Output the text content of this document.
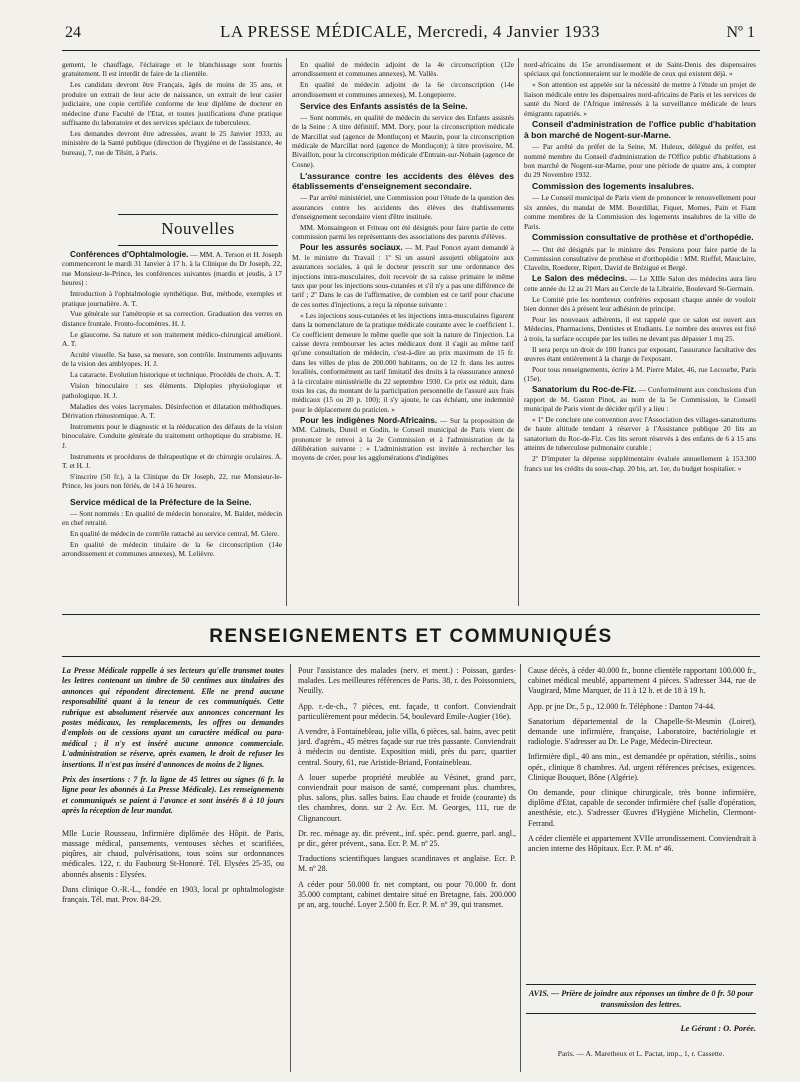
24	LA PRESSE MÉDICALE, Mercredi, 4 Janvier 1933	Nº 1

gement, le chauffage, l'éclairage et le blanchissage sont fournis gratuitement. Il est interdit de faire de la clientèle.

Les candidats devront être Français, âgés de moins de 35 ans, et produire un extrait de leur acte de naissance, un extrait de leur casier judiciaire, une copie certifiée conforme de leur diplôme de docteur en médecine d'une Faculté de l'Etat, et toutes justifications d'une pratique suffisante du laboratoire et des services spéciaux de tuberculeux.

Les demandes devront être adressées, avant le 25 Janvier 1933, au ministère de la Santé publique (direction de l'hygiène et de l'assistance, 4e bureau), 7, rue de Tilsitt, à Paris.

Nouvelles

Conférences d'Ophtalmologie. — MM. A. Terson et H. Joseph commenceront le mardi 31 Janvier à 17 h. à la Clinique du Dr Joseph, 22, rue Monsieur-le-Prince, les conférences suivantes (mardis et jeudis, à 17 heures) :

Introduction à l'ophtalmologie synthétique. But, méthode, exemples et pratique journalière. A. T.

Vue générale sur l'amétropie et sa correction. Graduation des verres en distance frontale. Fronto-focomètres. H. J.

Le glaucome. Sa nature et son traitement médico-chirurgical amélioré. A. T.

Acuité visuelle. Sa base, sa mesure, son contrôle. Instruments adjuvants de la vision des amblyopes. H. J.

La cataracte. Evolution historique et technique. Procédés de choix. A. T.

Vision binoculaire : ses éléments. Diplopies physiologique et pathologique. H. J.

Maladies des voies lacrymales. Désinfection et dilatation méthodiques. Dérivation rhinostomique. A. T.

Instruments pour le diagnostic et la rééducation des défauts de la vision binoculaire. Conduite générale du traitement orthoptique du strabisme. H. J.

Instruments et procédures de thérapeutique et de chirurgie oculaires. A. T. et H. J.

S'inscrire (50 fr.), à la Clinique du Dr Joseph, 22, rue Monsieur-le-Prince, les jours non fériés, de 14 à 16 heures.

Service médical de la Préfecture de la Seine.

— Sont nommés : En qualité de médecin honoraire, M. Baldet, médecin en chef retraité.

En qualité de médecin de contrôle rattaché au service central, M. Glere.

En qualité de médecin titulaire de la 6e circonscription (14e arrondissement et communes annexes), M. Lelièvre.

En qualité de médecin adjoint de la 4e circonscription (12e arrondissement et communes annexes), M. Vallès.

En qualité de médecin adjoint de la 6e circonscription (14e arrondissement et communes annexes), M. Longepierre.

Service des Enfants assistés de la Seine.

— Sont nommés, en qualité de médecin du service des Enfants assistés de la Seine : A titre définitif, MM. Dory, pour la circonscription médicale de Marcillat sud (agence de Montluçon) et Maurin, pour la circonscription médicale de Marcillat nord (agence de Montluçon); à titre provisoire, M. Bivaillon, pour la circonscription médicale d'Entrain-sur-Nohain (agence de Cosne).

L'assurance contre les accidents des élèves des établissements d'enseignement secondaire.

— Par arrêté ministériel, une Commission pour l'étude de la question des assurances contre les accidents des élèves des établissements d'enseignement secondaire vient d'être instituée.

MM. Monsaingeon et Friteau ont été désignés pour faire partie de cette commission parmi les représentants des associations des parents d'élèves.

Pour les assurés sociaux. — M. Paul Poncet ayant demandé à M. le ministre du Travail : 1º Si un assuré assujetti obligatoire aux assurances sociales, à qui le docteur prescrit sur une ordonnance des injections intra-musculaires, doit recevoir de sa caisse primaire le même taux que pour les injections sous-cutanées et s'il n'y a pas une différence de tarif ; 2º Dans le cas de l'affirmative, de combien est ce tarif pour chacune de ces sortes d'injections, a reçu la réponse suivante :

« Les injections sous-cutanées et les injections intra-musculaires figurent dans la nomenclature de la pratique médicale courante avec le coefficient 1. Ce coefficient demeure le même quelle que soit la nature de l'injection. La caisse devra rembourser les actes médicaux dont il s'agit au même tarif qu'une consultation de médecin, c'est-à-dire au prix maximum de 15 fr. dans les villes de plus de 200.000 habitants, ou de 12 fr. dans les autres localités, conformément au tarif limitatif des droits à la réassurance annexé à la circulaire ministérielle du 22 septembre 1930. Ce prix est réduit, dans tous les cas, du montant de la participation personnelle de l'assuré aux frais médicaux (15 ou 20 p. 100); il s'y ajoute, le cas échéant, une indemnité pour le déplacement du praticien. »

Pour les indigènes Nord-Africains. — Sur la proposition de MM. Calmels, Duteil et Godin, le Conseil municipal de Paris vient de prononcer le renvoi à la 2e Commission et à l'administration de la délibération suivante : « L'administration est invitée à rechercher les moyens de créer, pour les agglomérations d'indigènes

nord-africains du 15e arrondissement et de Saint-Denis des dispensaires spéciaux qui fonctionneraient sur le modèle de ceux qui existent déjà. »

« Son attention est appelée sur la nécessité de mettre à l'étude un projet de liaison médicale entre les dispensaires nord-africains de Paris et les services de santé du Nord de l'Afrique intéressés à la surveillance médicale de leurs émigrants rapatriés. »

Conseil d'administration de l'office public d'habitation à bon marché de Nogent-sur-Marne.

— Par arrêté du préfet de la Seine, M. Huleux, délégué du préfet, est nommé membre du Conseil d'administration de l'Office public d'habitations à bon marché de Nogent-sur-Marne, pour une période de quatre ans, à compter du 29 Novembre 1932.

Commission des logements insalubres.

— Le Conseil municipal de Paris vient de prononcer le renouvellement pour six années, du mandat de MM. Bourdillat, Fiquet, Momes, Pain et Fiant comme membres de la Commission des logements insalubres de la ville de Paris.

Commission consultative de prothèse et d'orthopédie.

— Ont été désignés par le ministre des Pensions pour faire partie de la Commission consultative de prothèse et d'orthopédie : MM. Rieffel, Mauclaire, Clavelin, Roederer, Ripert, David de Brézigué et Bergé.

Le Salon des médecins. — Le XIIIe Salon des médecins aura lieu cette année du 12 au 21 Mars au Cercle de la Librairie, Boulevard St-Germain.

Le Comité prie les nombreux confrères exposant chaque année de vouloir bien donner dès à présent leur adhésion de principe.

Pour les nouveaux adhérents, il est rappelé que ce salon est ouvert aux Médecins, Pharmaciens, Dentistes et Etudiants. Le nombre des œuvres est fixé à trois, la surface occupée par les toiles ne devant pas dépasser 1 mq 25.

Il sera perçu un droit de 100 francs par exposant, l'assurance facultative des œuvres étant entièrement à la charge de l'exposant.

Pour tous renseignements, écrire à M. Pierre Malet, 46, rue Lecourbe, Paris (15e).

Sanatorium du Roc-de-Fiz. — Conformément aux conclusions d'un rapport de M. Gaston Pinot, au nom de la 5e Commission, le Conseil municipal de Paris vient de décider qu'il y a lieu :

« 1º De conclure une convention avec l'Association des villages-sanatoriums de haute altitude tendant à réserver à l'Assistance publique 20 lits au sanatorium du Roc-de-Fiz. Ces lits seront réservés à des enfants de 6 à 15 ans atteints de tuberculose pulmonaire curable ;

2º D'imputer la dépense supplémentaire évaluée annuellement à 153.300 francs sur les crédits du sous-chap. 20 bis, art. 1er, du budget hospitalier. »

RENSEIGNEMENTS ET COMMUNIQUÉS

La Presse Médicale rappelle à ses lecteurs qu'elle transmet toutes les lettres contenant un timbre de 50 centimes aux titulaires des annonces qui répondent directement. Elle ne prend aucune responsabilité quant à la teneur de ces communiqués. Cette rubrique est absolument réservée aux annonces concernant les postes médicaux, les remplacements, les offres ou demandes d'emplois ou de cessions ayant un caractère médical ou para-médical ; il n'y est inséré aucune annonce commerciale. L'administration se réserve, après examen, le droit de refuser les insertions. Il n'est pas inséré d'annonces de moins de 2 lignes.

Prix des insertions : 7 fr. la ligne de 45 lettres ou signes (6 fr. la ligne pour les abonnés à La Presse Médicale). Les renseignements et communiqués se paient à l'avance et sont insérés 8 à 10 jours après la réception de leur mandat.

Mlle Lucie Rousseau, Infirmière diplômée des Hôpit. de Paris, massage médical, pansements, ventouses sèches et scarifiées, piqûres, air chaud, pulvérisations, tous soins sur ordonnances médicales. 122, r. du Faubourg St-Honoré. Tél. Elysées 25-35, ou abonnés absents : Elysées.

Dans clinique O.-R.-L., fondée en 1903, local pr ophtalmologiste français. Tél. mat. Prov. 84-29.

Pour l'assistance des malades (nerv. et ment.) : Poissan, gardes-malades. Les meilleures références de Paris. 38, r. des Poissonniers, Neuilly.

App. r.-de-ch., 7 pièces, ent. façade, tt confort. Conviendrait particulièrement pour médecin. 54, boulevard Emile-Augier (16e).

A vendre, à Fontainebleau, jolie villa, 6 pièces, sal. bains, avec petit jard. d'agrém., 45 mètres façade sur rue très passante. Conviendrait à médecin ou dentiste. Exposition midi, près du parc, quartier central. Soury, 61, rue Aristide-Briand, Fontainebleau.

A louer superbe propriété meublée au Vésinet, grand parc, conviendrait pour maison de santé, comprenant plus. chambres, plus. salons, plus. salles bains. Eau chaude et froide (courante) ds tles chambres, donn. sur 2 Av. Ecr. M. Georges, 111, rue de Clignancourt.

Dr. rec. ménage ay. dir. prévent., inf. spéc. pend. guerre, parl. angl., pr dir., gérer prévent., sana. Ecr. P. M. nº 25.

Traductions scientifiques langues scandinaves et anglaise. Ecr. P. M. nº 28.

A céder pour 50.000 fr. net comptant, ou pour 70.000 fr. dont 35.000 comptant, cabinet dentaire situé en Bretagne, fais. 200.000 pr an, arg. touché. Loyer 2.500 fr. Ecr. P. M. nº 39, qui transmet.

Cause décès, à céder 40.000 fr., bonne clientèle rapportant 100.000 fr., cabinet médical meublé, appartement 4 pièces. S'adresser 344, rue de Vaugirard, Mme Marquer, de 11 à 12 h. et de 18 à 19 h.

App. pr jne Dr., 5 p., 12.000 fr. Téléphone : Danton 74-44.

Sanatorium départemental de la Chapelle-St-Mesmin (Loiret), demande une infirmière, française, Laboratoire, bactériologie et radiologie. S'adresser au Dr. Le Page, Médecin-Directeur.

Infirmière dipl., 40 ans min., est demandée pr opération, stérilis., soins opér., clinique 8 chambres. Ad. urgent références précises, exigences. Clinique Bouquet, Bône (Algérie).

On demande, pour clinique chirurgicale, très bonne infirmière, diplôme d'Etat, capable de seconder infirmière chef (salle d'opération, anesthésie, etc.). S'adresser Œuvres d'Hygiène Michelin, Clermont-Ferrand.

A céder clientèle et appartement XVIIe arrondissement. Conviendrait à ancien interne des Hôpitaux. Ecr. P. M. nº 46.

AVIS. — Prière de joindre aux réponses un timbre de 0 fr. 50 pour transmission des lettres.
Le Gérant : O. Porée.
Paris. — A. Maretheux et L. Pactat, imp., 1, r. Cassette.
